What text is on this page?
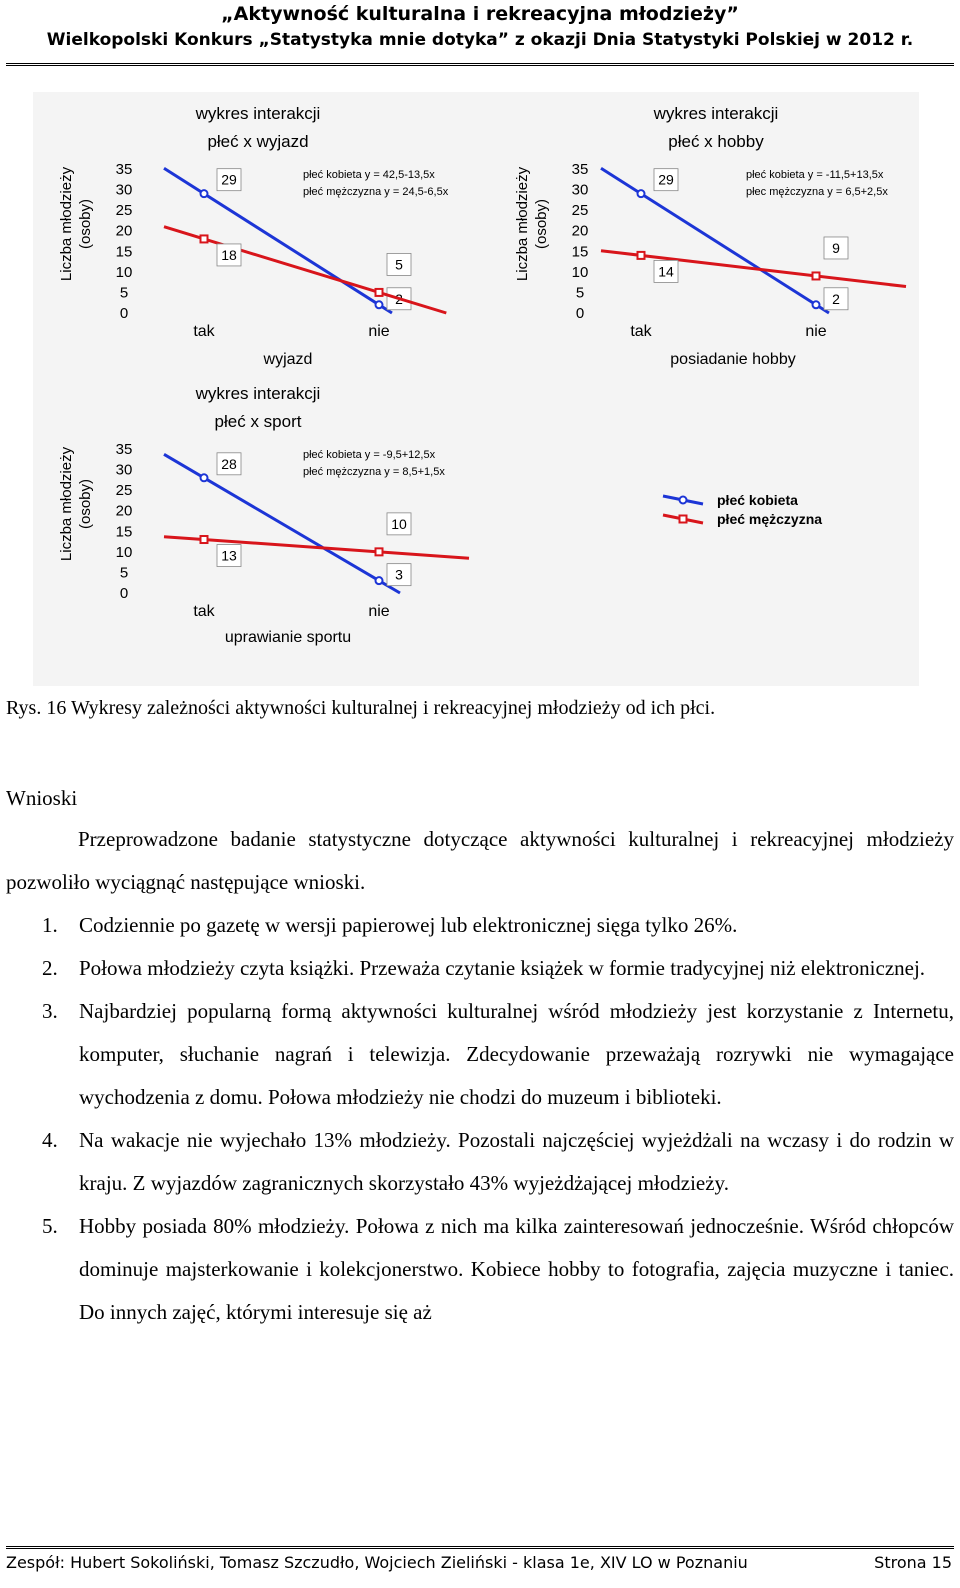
„Aktywność kulturalna i rekreacyjna młodzieży”
Wielkopolski Konkurs „Statystyka mnie dotyka” z okazji Dnia Statystyki Polskiej w 2012 r.
wykres interakcji
płeć x wyjazd
Liczba młodzieży (osoby)
35
30
25
20
15
10
5
0
tak	nie
wyjazd
płeć kobieta y = 42,5-13,5x
płeć mężczyzna y = 24,5-6,5x
29
18
5
wykres interakcji
płeć x hobby
Liczba młodzieży (osoby)
35
30
25
20
15
10
5
0
tak	nie
posiadanie hobby
płeć kobieta y = -11,5+13,5x
płec mężczyzna y = 6,5+2,5x
29
2
14
9
wykres interakcji
płeć x sport
Liczba młodzieży (osoby)
35
30
25
20
15
10
5
0
tak	nie
uprawianie sportu
płeć kobieta y = -9,5+12,5x
płeć mężczyzna y = 8,5+1,5x
28
3
13
10
płeć kobieta
płeć mężczyzna
Rys. 16 Wykresy zależności aktywności kulturalnej i rekreacyjnej młodzieży od ich płci.
Wnioski

Przeprowadzone badanie statystyczne dotyczące aktywności kulturalnej i rekreacyjnej młodzieży pozwoliło wyciągnąć następujące wnioski.

1. Codziennie po gazetę w wersji papierowej lub elektronicznej sięga tylko 26%.
2. Połowa młodzieży czyta książki. Przeważa czytanie książek w formie tradycyjnej niż elektronicznej.
3. Najbardziej popularną formą aktywności kulturalnej wśród młodzieży jest korzystanie z Internetu, komputer, słuchanie nagrań i telewizja. Zdecydowanie przeważają rozrywki nie wymagające wychodzenia z domu. Połowa młodzieży nie chodzi do muzeum i biblioteki.
4. Na wakacje nie wyjechało 13% młodzieży. Pozostali najczęściej wyjeżdżali na wczasy i do rodzin w kraju. Z wyjazdów zagranicznych skorzystało 43% wyjeżdżającej młodzieży.
5. Hobby posiada 80% młodzieży. Połowa z nich ma kilka zainteresowań jednocześnie. Wśród chłopców dominuje majsterkowanie i kolekcjonerstwo. Kobiece hobby to fotografia, zajęcia muzyczne i taniec. Do innych zajęć, którymi interesuje się aż
Zespół: Hubert Sokoliński, Tomasz Szczudło, Wojciech Zieliński - klasa 1e, XIV LO w Poznaniu	Strona 15
